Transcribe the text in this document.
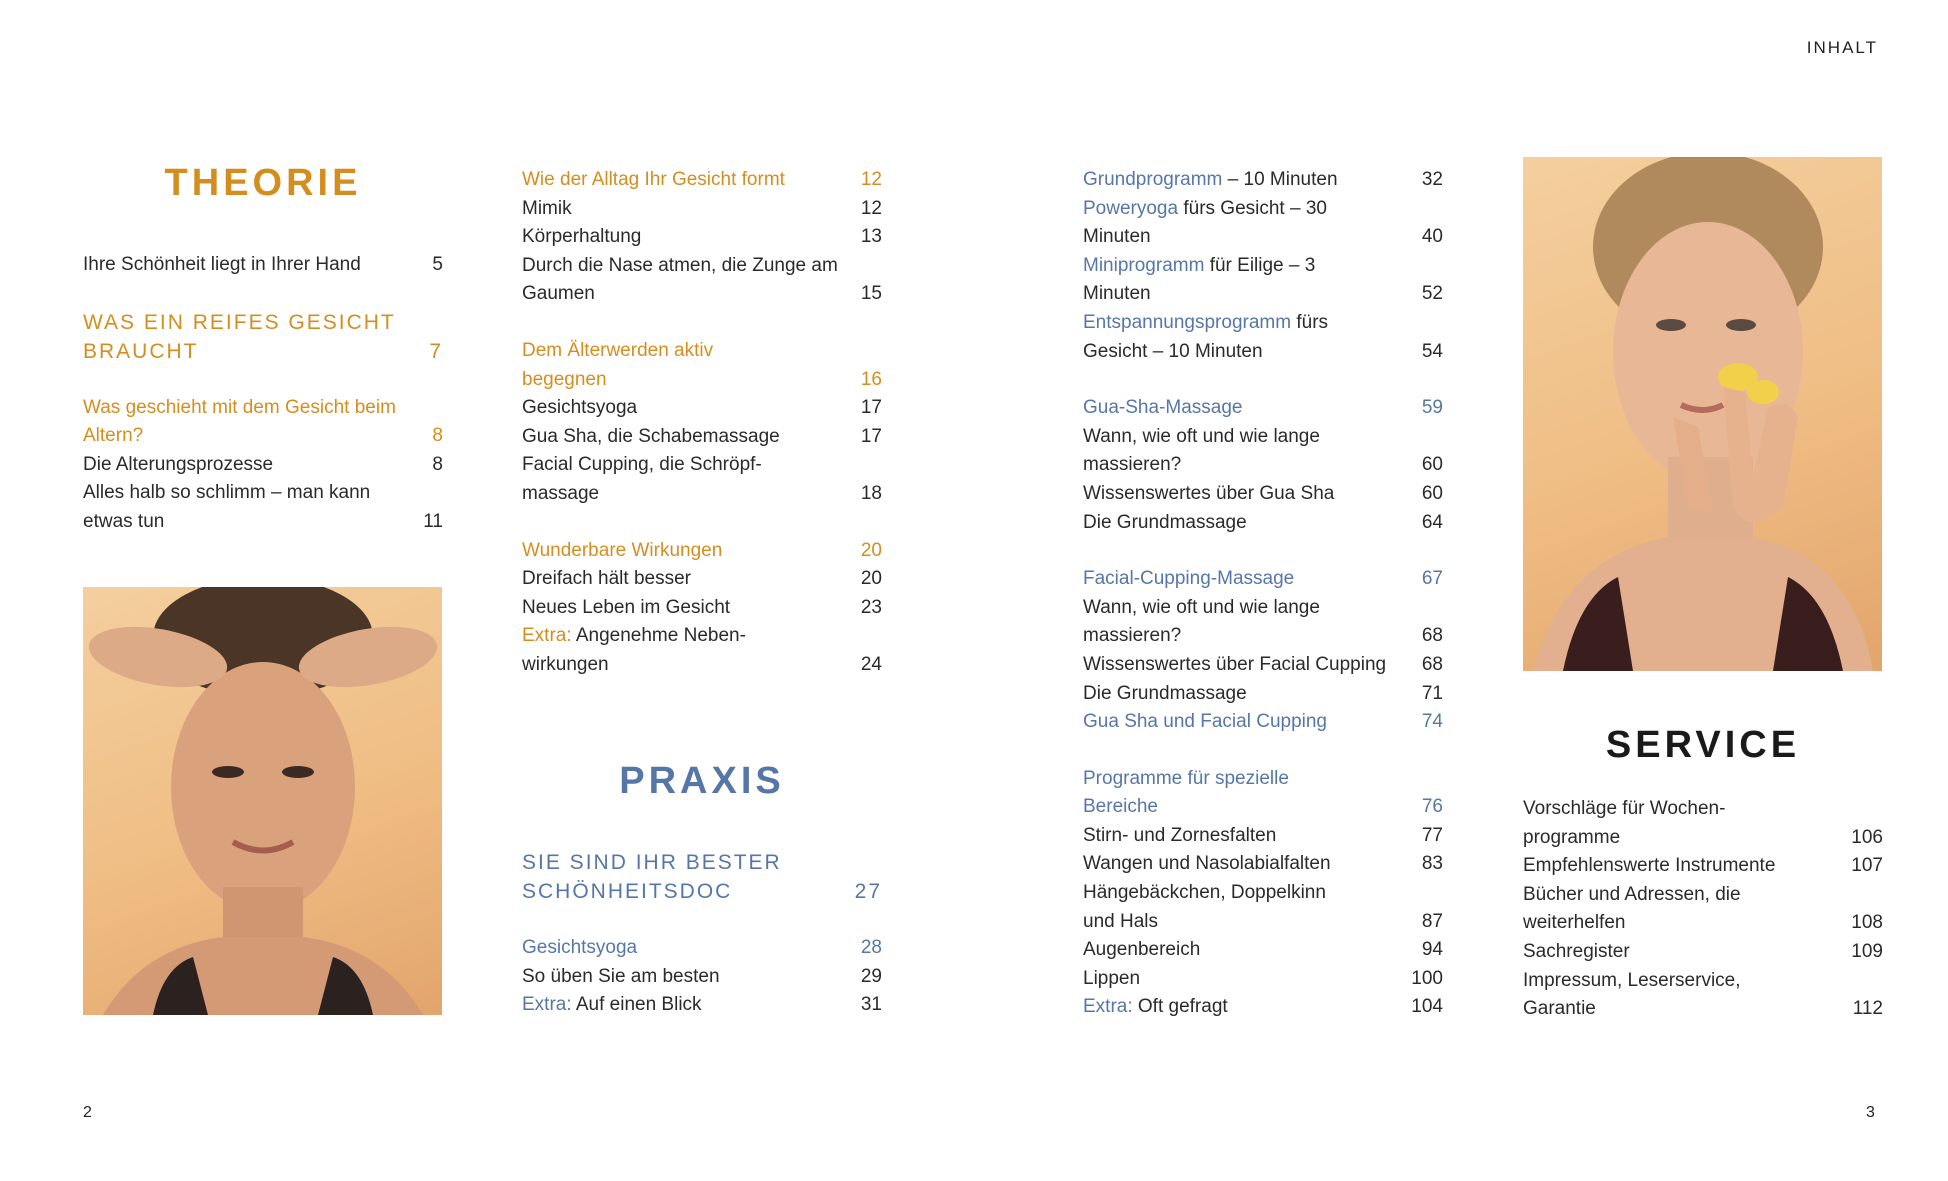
INHALT
THEORIE
Ihre Schönheit liegt in Ihrer Hand	5
WAS EIN REIFES GESICHT BRAUCHT	7
Was geschieht mit dem Gesicht beim Altern?	8
Die Alterungsprozesse	8
Alles halb so schlimm – man kann etwas tun	11
Wie der Alltag Ihr Gesicht formt	12
Mimik	12
Körperhaltung	13
Durch die Nase atmen, die Zunge am Gaumen	15
Dem Älterwerden aktiv begegnen	16
Gesichtsyoga	17
Gua Sha, die Schabemassage	17
Facial Cupping, die Schröpf-massage	18
Wunderbare Wirkungen	20
Dreifach hält besser	20
Neues Leben im Gesicht	23
Extra: Angenehme Neben-wirkungen	24
PRAXIS
SIE SIND IHR BESTER SCHÖNHEITSDOC	27
Gesichtsyoga	28
So üben Sie am besten	29
Extra: Auf einen Blick	31
Grundprogramm – 10 Minuten	32
Poweryoga fürs Gesicht – 30 Minuten	40
Miniprogramm für Eilige – 3 Minuten	52
Entspannungsprogramm fürs Gesicht – 10 Minuten	54
Gua-Sha-Massage	59
Wann, wie oft und wie lange massieren?	60
Wissenswertes über Gua Sha	60
Die Grundmassage	64
Facial-Cupping-Massage	67
Wann, wie oft und wie lange massieren?	68
Wissenswertes über Facial Cupping	68
Die Grundmassage	71
Gua Sha und Facial Cupping	74
Programme für spezielle Bereiche	76
Stirn- und Zornesfalten	77
Wangen und Nasolabialfalten	83
Hängebäckchen, Doppelkinn und Hals	87
Augenbereich	94
Lippen	100
Extra: Oft gefragt	104
SERVICE
Vorschläge für Wochen-programme	106
Empfehlenswerte Instrumente	107
Bücher und Adressen, die weiterhelfen	108
Sachregister	109
Impressum, Leserservice, Garantie	112
2	3
